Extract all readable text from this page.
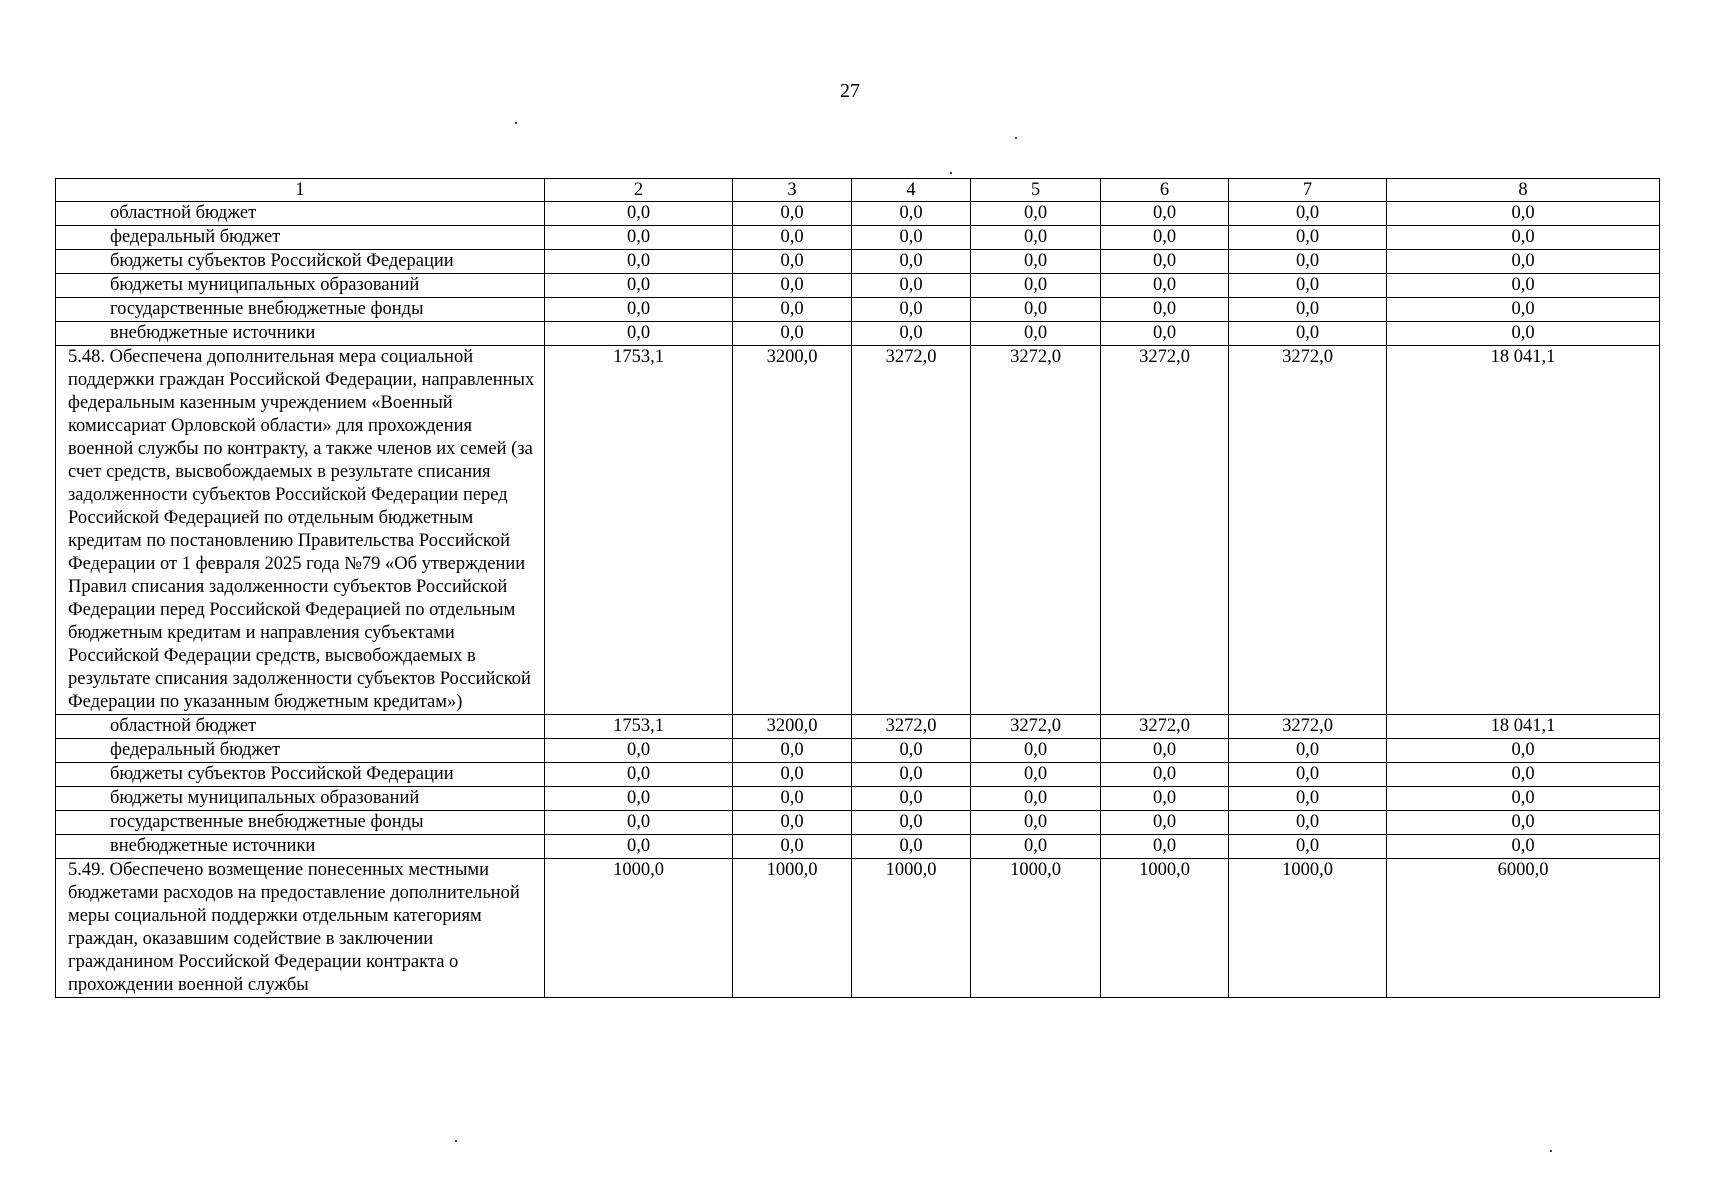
27
1	2	3	4	5	6	7	8
областной бюджет	0,0	0,0	0,0	0,0	0,0	0,0	0,0
федеральный бюджет	0,0	0,0	0,0	0,0	0,0	0,0	0,0
бюджеты субъектов Российской Федерации	0,0	0,0	0,0	0,0	0,0	0,0	0,0
бюджеты муниципальных образований	0,0	0,0	0,0	0,0	0,0	0,0	0,0
государственные внебюджетные фонды	0,0	0,0	0,0	0,0	0,0	0,0	0,0
внебюджетные источники	0,0	0,0	0,0	0,0	0,0	0,0	0,0
5.48. Обеспечена дополнительная мера социальной поддержки граждан Российской Федерации, направленных федеральным казенным учреждением «Военный комиссариат Орловской области» для прохождения военной службы по контракту, а также членов их семей (за счет средств, высвобождаемых в результате списания задолженности субъектов Российской Федерации перед Российской Федерацией по отдельным бюджетным кредитам по постановлению Правительства Российской Федерации от 1 февраля 2025 года №79 «Об утверждении Правил списания задолженности субъектов Российской Федерации перед Российской Федерацией по отдельным бюджетным кредитам и направления субъектами Российской Федерации средств, высвобождаемых в результате списания задолженности субъектов Российской Федерации по указанным бюджетным кредитам»)	1753,1	3200,0	3272,0	3272,0	3272,0	3272,0	18 041,1
областной бюджет	1753,1	3200,0	3272,0	3272,0	3272,0	3272,0	18 041,1
федеральный бюджет	0,0	0,0	0,0	0,0	0,0	0,0	0,0
бюджеты субъектов Российской Федерации	0,0	0,0	0,0	0,0	0,0	0,0	0,0
бюджеты муниципальных образований	0,0	0,0	0,0	0,0	0,0	0,0	0,0
государственные внебюджетные фонды	0,0	0,0	0,0	0,0	0,0	0,0	0,0
внебюджетные источники	0,0	0,0	0,0	0,0	0,0	0,0	0,0
5.49. Обеспечено возмещение понесенных местными бюджетами расходов на предоставление дополнительной меры социальной поддержки отдельным категориям граждан, оказавшим содействие в заключении гражданином Российской Федерации контракта о прохождении военной службы	1000,0	1000,0	1000,0	1000,0	1000,0	1000,0	6000,0
